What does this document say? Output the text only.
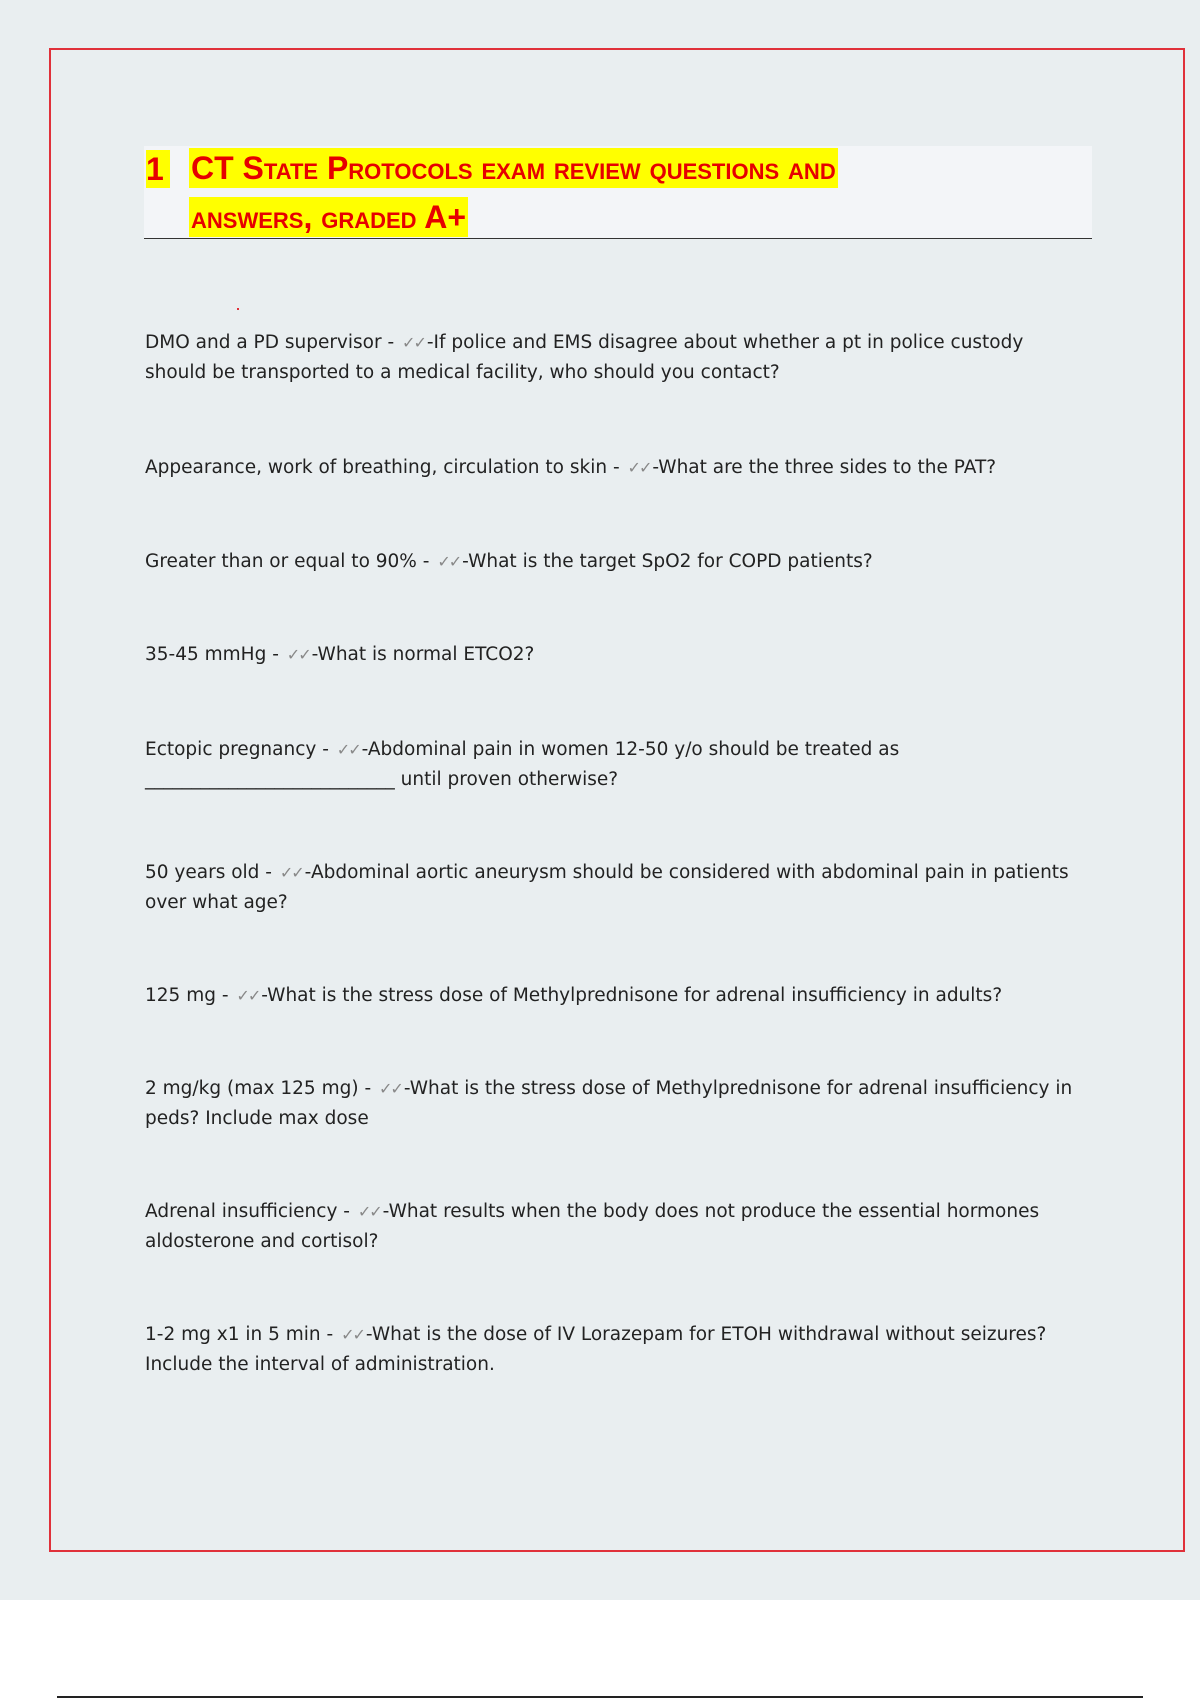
1 CT State Protocols exam review questions and
answers, graded A+
DMO and a PD supervisor - ✓✓ -If police and EMS disagree about whether a pt in police custody should be transported to a medical facility, who should you contact?
Appearance, work of breathing, circulation to skin - ✓✓ -What are the three sides to the PAT?
Greater than or equal to 90% - ✓✓ -What is the target SpO2 for COPD patients?
35-45 mmHg - ✓✓ -What is normal ETCO2?
Ectopic pregnancy - ✓✓ -Abdominal pain in women 12-50 y/o should be treated as ___________________________ until proven otherwise?
50 years old - ✓✓ -Abdominal aortic aneurysm should be considered with abdominal pain in patients over what age?
125 mg - ✓✓ -What is the stress dose of Methylprednisone for adrenal insufficiency in adults?
2 mg/kg (max 125 mg) - ✓✓ -What is the stress dose of Methylprednisone for adrenal insufficiency in peds? Include max dose
Adrenal insufficiency - ✓✓ -What results when the body does not produce the essential hormones aldosterone and cortisol?
1-2 mg x1 in 5 min - ✓✓ -What is the dose of IV Lorazepam for ETOH withdrawal without seizures? Include the interval of administration.
